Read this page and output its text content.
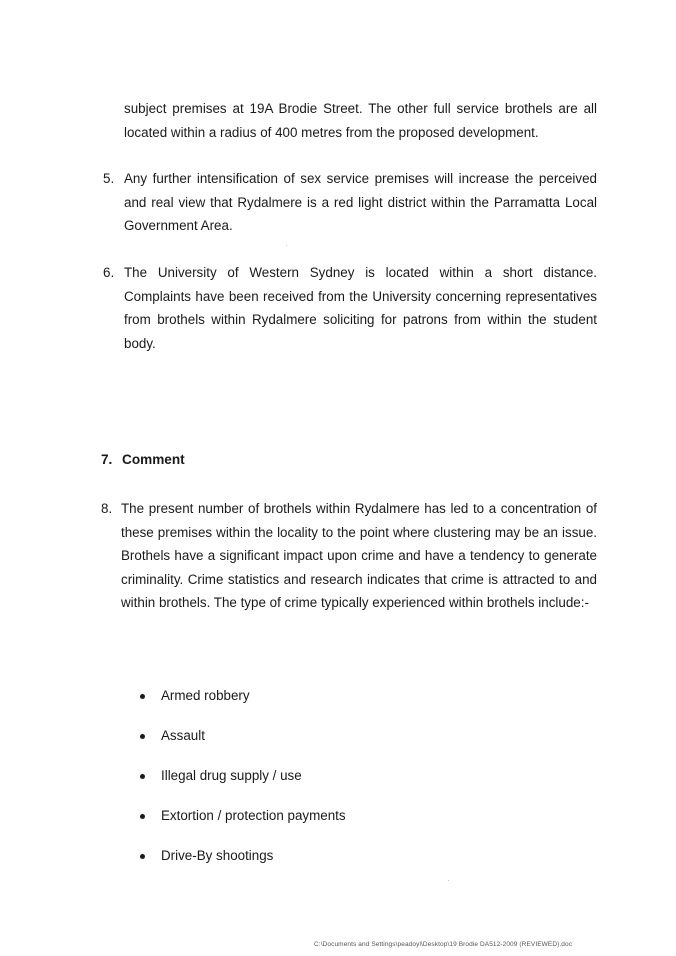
subject premises at 19A Brodie Street. The other full service brothels are all located within a radius of 400 metres from the proposed development.
5. Any further intensification of sex service premises will increase the perceived and real view that Rydalmere is a red light district within the Parramatta Local Government Area.
6. The University of Western Sydney is located within a short distance. Complaints have been received from the University concerning representatives from brothels within Rydalmere soliciting for patrons from within the student body.
7. Comment
8. The present number of brothels within Rydalmere has led to a concentration of these premises within the locality to the point where clustering may be an issue. Brothels have a significant impact upon crime and have a tendency to generate criminality. Crime statistics and research indicates that crime is attracted to and within brothels. The type of crime typically experienced within brothels include:-
Armed robbery
Assault
Illegal drug supply / use
Extortion / protection payments
Drive-By shootings
C:\Documents and Settings\peadoyl\Desktop\19 Brodie DA512-2009 (REVIEWED).doc
